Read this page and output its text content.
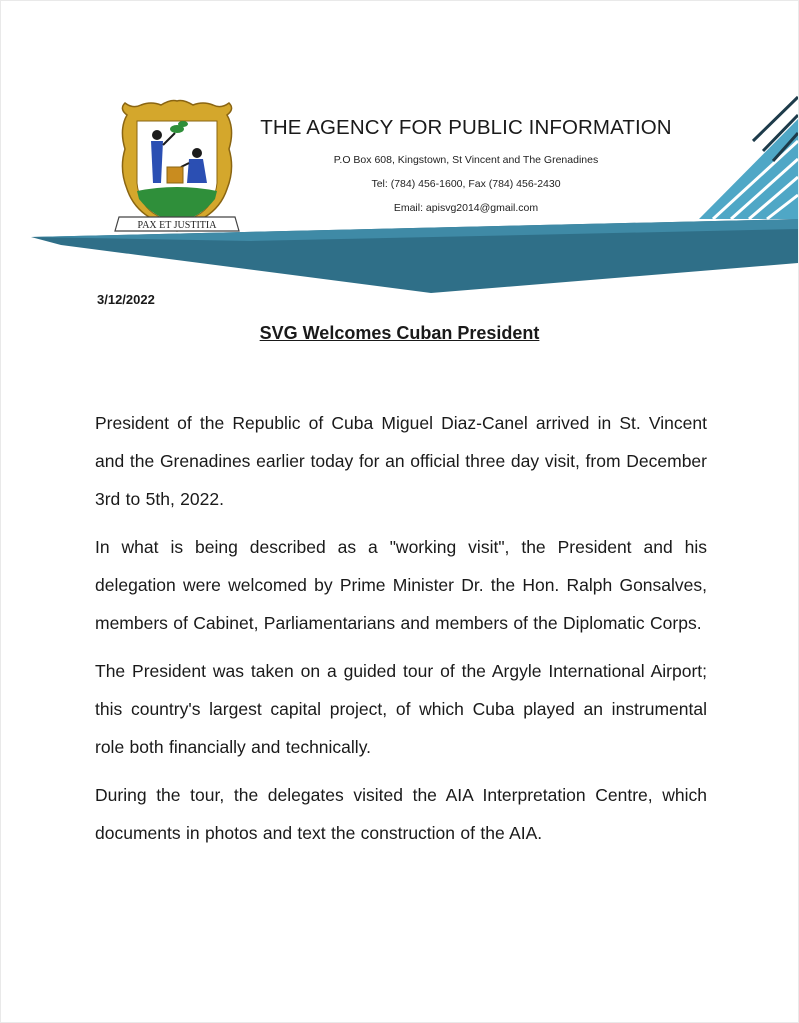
PAX ET JUSTITIA
THE AGENCY FOR PUBLIC INFORMATION
P.O Box 608, Kingstown, St Vincent and The Grenadines
Tel: (784) 456-1600, Fax (784) 456-2430
Email: apisvg2014@gmail.com
3/12/2022
SVG Welcomes Cuban President

President of the Republic of Cuba Miguel Diaz-Canel arrived in St. Vincent and the Grenadines earlier today for an official three day visit, from December 3rd to 5th, 2022.

In what is being described as a "working visit", the President and his delegation were welcomed by Prime Minister Dr. the Hon. Ralph Gonsalves, members of Cabinet, Parliamentarians and members of the Diplomatic Corps.

The President was taken on a guided tour of the Argyle International Airport; this country's largest capital project, of which Cuba played an instrumental role both financially and technically.

During the tour, the delegates visited the AIA Interpretation Centre, which documents in photos and text the construction of the AIA.
